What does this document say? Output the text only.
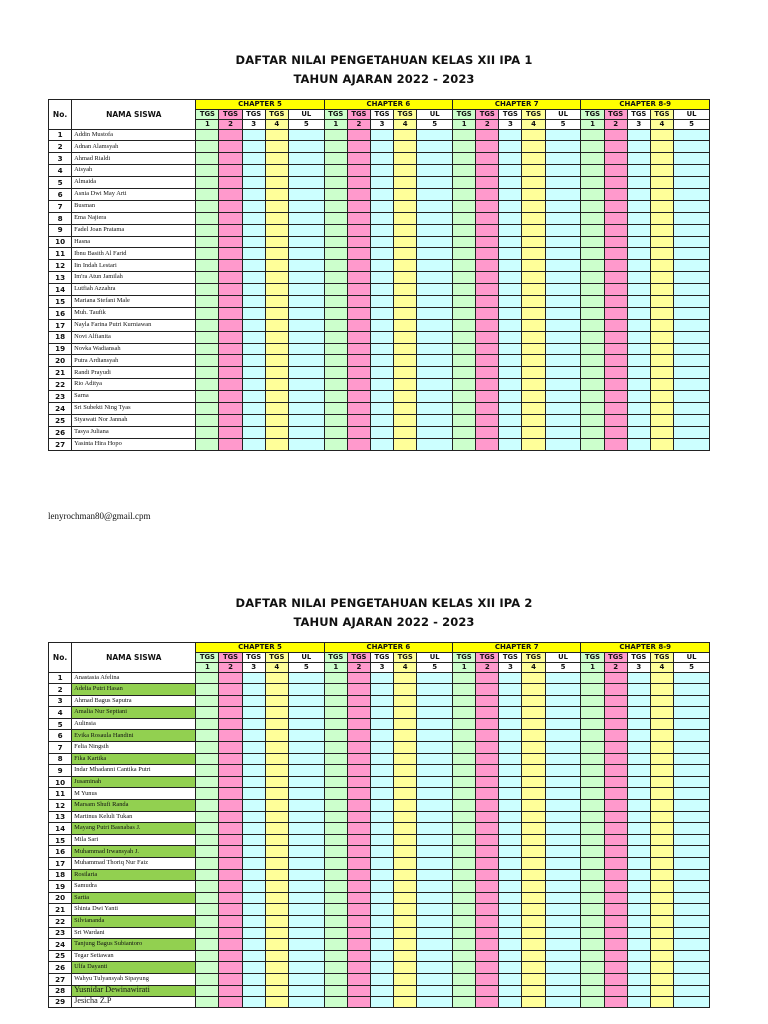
DAFTAR NILAI PENGETAHUAN KELAS XII IPA 1
TAHUN AJARAN 2022 - 2023
No.	NAMA SISWA	CHAPTER 5					CHAPTER 6					CHAPTER 7					CHAPTER 8-9				
		TGS	TGS	TGS	TGS	UL	TGS	TGS	TGS	TGS	UL	TGS	TGS	TGS	TGS	UL	TGS	TGS	TGS	TGS	UL
		1	2	3	4	5	1	2	3	4	5	1	2	3	4	5	1	2	3	4	5
1	Addin Mustofa																				
2	Adnan Alamsyah																				
3	Ahmad Rialdi																				
4	Aisyah																				
5	Almaida																				
6	Asnia Dwi May Arti																				
7	Busman																				
8	Ema Najiera																				
9	Fadel Joan Pratama																				
10	Hasna																				
11	Ibnu Basith Al Farid																				
12	Iin Indah Lestari																				
13	Im'ra Atun Jamilah																				
14	Lutfiah Azzahra																				
15	Mariana Stefani Male																				
16	Muh. Taufik																				
17	Nayla Farina Putri Kurniawan																				
18	Novi Alfianita																				
19	Novka Wadiansah																				
20	Putra Ardiansyah																				
21	Randi Prayudi																				
22	Rio Aditya																				
23	Sarna																				
24	Sri Subekti Ning Tyas																				
25	Styawati Nor Jannah																				
26	Tasya Juliana																				
27	Yasinta Hira Hopo																				
lenyrochman80@gmail.cpm
DAFTAR NILAI PENGETAHUAN KELAS XII IPA 2
TAHUN AJARAN 2022 - 2023
No.	NAMA SISWA	CHAPTER 5					CHAPTER 6					CHAPTER 7					CHAPTER 8-9				
		TGS	TGS	TGS	TGS	UL	TGS	TGS	TGS	TGS	UL	TGS	TGS	TGS	TGS	UL	TGS	TGS	TGS	TGS	UL
		1	2	3	4	5	1	2	3	4	5	1	2	3	4	5	1	2	3	4	5
1	Anastasia Afelina																				
2	Adelia Putri Hasan																				
3	Ahmad Bagus Saputra																				
4	Amalia Nur Septiani																				
5	Aulinsia																				
6	Evika Rosaula Handini																				
7	Felia Ningsih																				
8	Fika Kartika																				
9	Indar Mhadanni Cantika Putri																				
10	Jusaminah																				
11	M Yunus																				
12	Marsam Shufi Randa																				
13	Martinus Keluli Tukan																				
14	Mayang Putri Basnabas J.																				
15	Mila Sari																				
16	Muhammad Irwansyah J.																				
17	Muhammad Thoriq Nur Faiz																				
18	Rosilaria																				
19	Samudra																				
20	Sartia																				
21	Shinta Dwi Yanti																				
22	Silviananda																				
23	Sri Wardani																				
24	Tanjung Bagus Subiantoro																				
25	Tegar Setiawan																				
26	Ulfa Dayanti																				
27	Wahyu Tulyansyah Sipayung																				
28	Yusnidar Dewinawirati																				
29	Jesicha Z.P																				
